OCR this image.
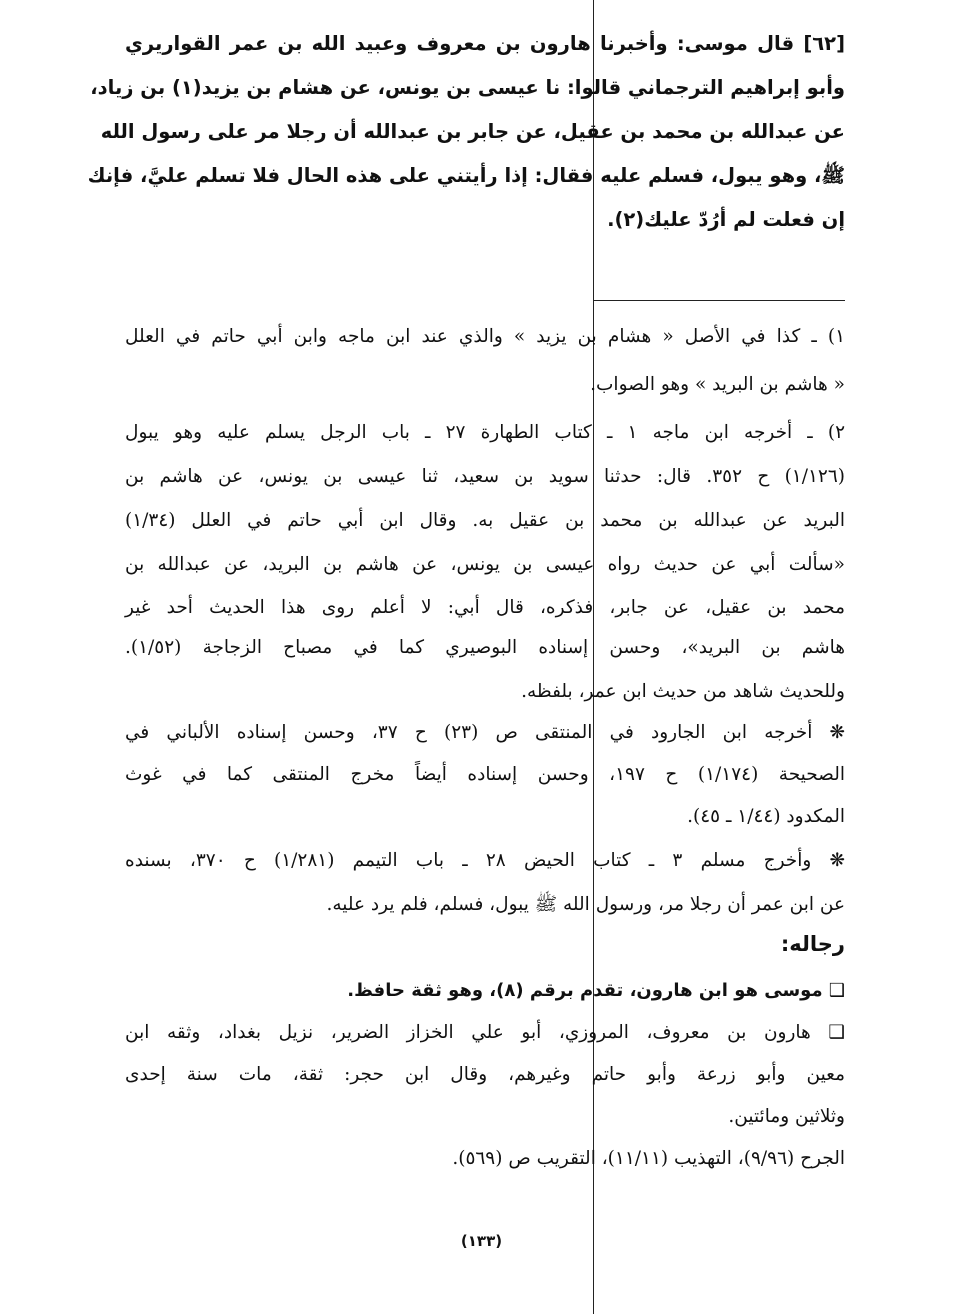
[٦٢] قال موسى: وأخبرنا هارون بن معروف وعبيد الله بن عمر القواريري
وأبو إبراهيم الترجماني قالوا: نا عيسى بن يونس، عن هشام بن يزيد(١) بن زياد،
عن عبدالله بن محمد بن عقيل، عن جابر بن عبدالله أن رجلا مر على رسول الله
ﷺ، وهو يبول، فسلم عليه فقال: إذا رأيتني على هذه الحال فلا تسلم عليَّ، فإنك
إن فعلت لم أرُدّ عليك(٢).
١) ـ كذا في الأصل « هشام بن يزيد » والذي عند ابن ماجه وابن أبي حاتم في العلل
« هاشم بن البريد » وهو الصواب.
٢) ـ أخرجه ابن ماجه ١ ـ كتاب الطهارة ٢٧ ـ باب الرجل يسلم عليه وهو يبول
(١/١٢٦) ح ٣٥٢. قال: حدثنا سويد بن سعيد، ثنا عيسى بن يونس، عن هاشم بن
البريد عن عبدالله بن محمد بن عقيل به. وقال ابن أبي حاتم في العلل (١/٣٤)
«سألت أبي عن حديث رواه عيسى بن يونس، عن هاشم بن البريد، عن عبدالله بن
محمد بن عقيل، عن جابر، فذكره، قال أبي: لا أعلم روى هذا الحديث أحد غير
هاشم بن البريد»، وحسن إسناده البوصيري كما في مصباح الزجاجة (١/٥٢).
وللحديث شاهد من حديث ابن عمر، بلفظه.
❋ أخرجه ابن الجارود في المنتقى ص (٢٣) ح ٣٧، وحسن إسناده الألباني في
الصحيحة (١/١٧٤) ح ١٩٧، وحسن إسناده أيضاً مخرج المنتقى كما في غوث
المكدود (١/٤٤ ـ ٤٥).
❋ وأخرج مسلم ٣ ـ كتاب الحيض ٢٨ ـ باب التيمم (١/٢٨١) ح ٣٧٠، بسنده
عن ابن عمر أن رجلا مر، ورسول الله ﷺ يبول، فسلم، فلم يرد عليه.
رجاله:
❑ موسى هو ابن هارون، تقدم برقم (٨)، وهو ثقة حافظ.
❑ هارون بن معروف، المروزي، أبو علي الخزاز الضرير، نزيل بغداد، وثقه ابن
معين وأبو زرعة وأبو حاتم وغيرهم، وقال ابن حجر: ثقة، مات سنة إحدى
وثلاثين ومائتين.
الجرح (٩/٩٦)، التهذيب (١١/١١)، التقريب ص (٥٦٩).
(١٣٣)
